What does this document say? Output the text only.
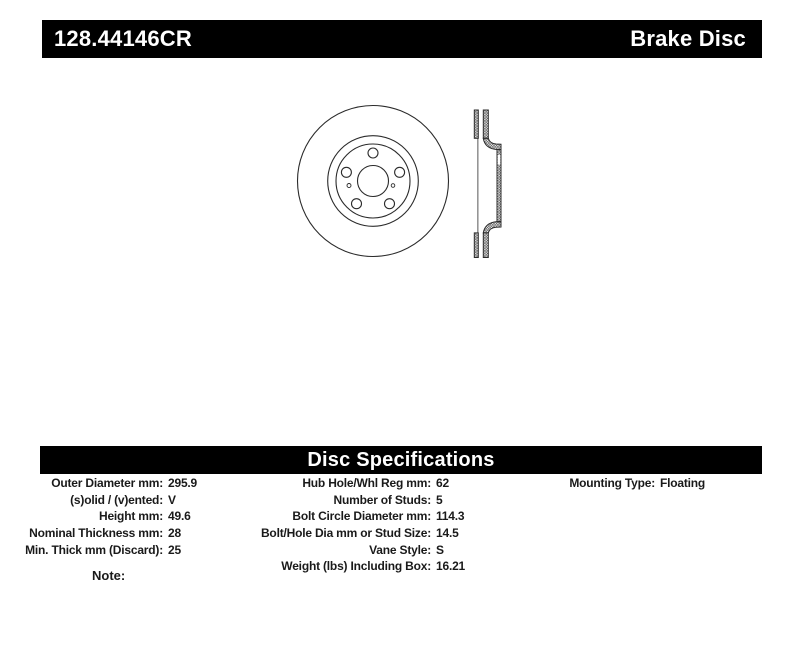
128.44146CR	Brake Disc
Disc Specifications
Outer Diameter mm: 295.9
(s)olid / (v)ented: V
Height mm: 49.6
Nominal Thickness mm: 28
Min. Thick mm (Discard): 25
Hub Hole/Whl Reg mm: 62
Number of Studs: 5
Bolt Circle Diameter mm: 114.3
Bolt/Hole Dia mm or Stud Size: 14.5
Vane Style: S
Weight (lbs) Including Box: 16.21
Mounting Type: Floating
Note:
